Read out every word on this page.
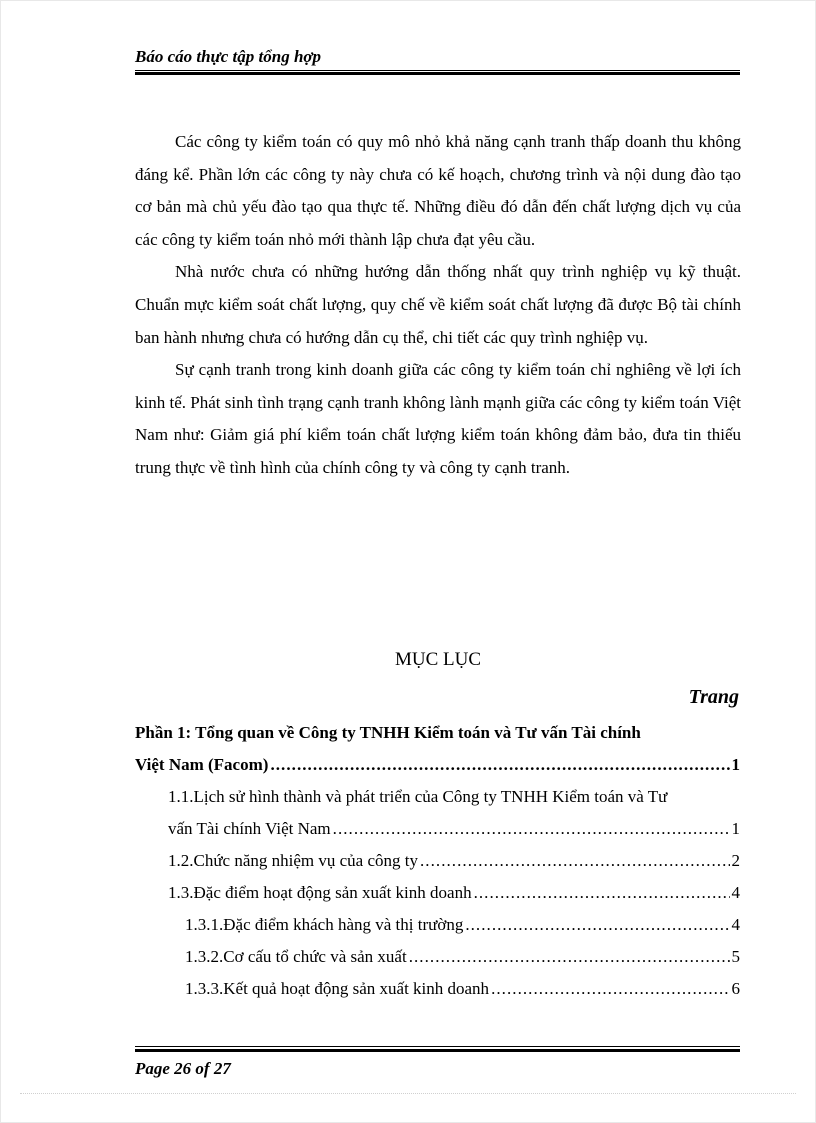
Báo cáo thực tập tổng hợp

Các công ty kiểm toán có quy mô nhỏ khả năng cạnh tranh thấp doanh thu không đáng kể. Phần lớn các công ty này chưa có kế hoạch, chương trình và nội dung đào tạo cơ bản mà chủ yếu đào tạo qua thực tế. Những điều đó dẫn đến chất lượng dịch vụ của các công ty kiểm toán nhỏ mới thành lập chưa đạt yêu cầu.

Nhà nước chưa có những hướng dẫn thống nhất quy trình nghiệp vụ kỹ thuật. Chuẩn mực kiểm soát chất lượng, quy chế về kiểm soát chất lượng đã được Bộ tài chính ban hành nhưng chưa có hướng dẫn cụ thể, chi tiết các quy trình nghiệp vụ.

Sự cạnh tranh trong kinh doanh giữa các công ty kiểm toán chỉ nghiêng về lợi ích kinh tế. Phát sinh tình trạng cạnh tranh không lành mạnh giữa các công ty kiểm toán Việt Nam như: Giảm giá phí kiểm toán chất lượng kiểm toán không đảm bảo, đưa tin thiếu trung thực về tình hình của chính công ty và công ty cạnh tranh.

MỤC LỤC
Trang
Phần 1: Tổng quan về Công ty TNHH Kiểm toán và Tư vấn Tài chính
Việt Nam (Facom) . . .	1
1.1.Lịch sử hình thành và phát triển của Công ty TNHH Kiểm toán và Tư
vấn Tài chính Việt Nam . . .	1
1.2.Chức năng nhiệm vụ của công ty . . .	2
1.3.Đặc điểm hoạt động sản xuất kinh doanh . . .	4
1.3.1.Đặc điểm khách hàng và thị trường . . .	4
1.3.2.Cơ cấu tổ chức và sản xuất . . .	5
1.3.3.Kết quả hoạt động sản xuất kinh doanh . . .	6
Page 26 of 27
